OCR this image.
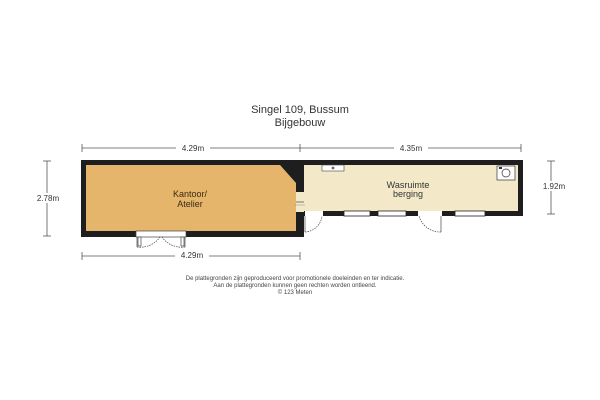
Singel 109, Bussum
Bijgebouw
4.29m	4.35m
4.29m
2.78m
1.92m
Kantoor/
Atelier
Wasruimte
berging
De plattegronden zijn geproduceerd voor promotionele doeleinden en ter indicatie.
Aan de plattegronden kunnen geen rechten worden ontleend.
© 123 Meten
